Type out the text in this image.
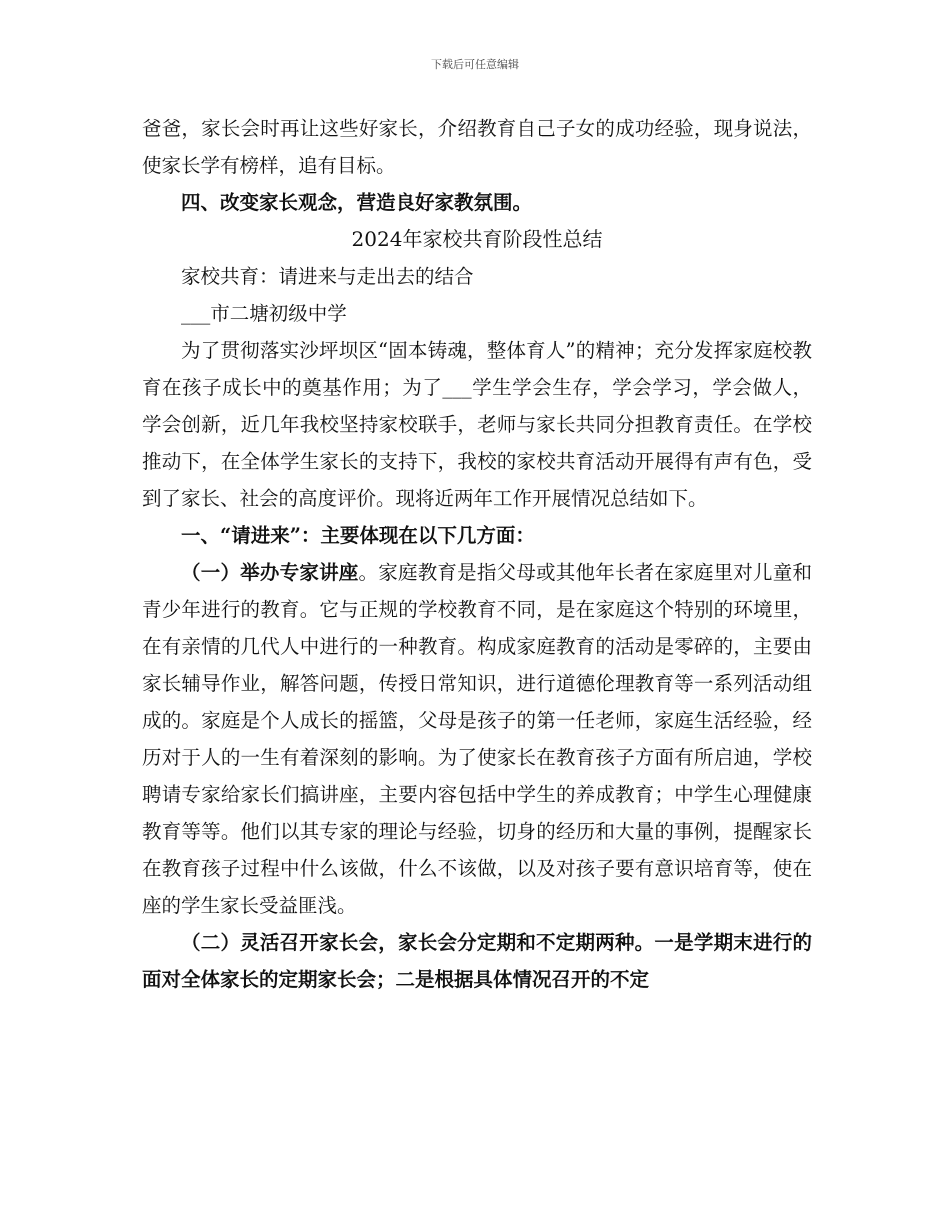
下载后可任意编辑

爸爸，家长会时再让这些好家长，介绍教育自己子女的成功经验，现身说法，使家长学有榜样，追有目标。

四、改变家长观念，营造良好家教氛围。

2024年家校共育阶段性总结

家校共育：请进来与走出去的结合

___市二塘初级中学

为了贯彻落实沙坪坝区“固本铸魂，整体育人”的精神；充分发挥家庭校教育在孩子成长中的奠基作用；为了___学生学会生存，学会学习，学会做人，学会创新，近几年我校坚持家校联手，老师与家长共同分担教育责任。在学校推动下，在全体学生家长的支持下，我校的家校共育活动开展得有声有色，受到了家长、社会的高度评价。现将近两年工作开展情况总结如下。

一、“请进来”：主要体现在以下几方面：

（一）举办专家讲座。家庭教育是指父母或其他年长者在家庭里对儿童和青少年进行的教育。它与正规的学校教育不同，是在家庭这个特别的环境里，在有亲情的几代人中进行的一种教育。构成家庭教育的活动是零碎的，主要由家长辅导作业，解答问题，传授日常知识，进行道德伦理教育等一系列活动组成的。家庭是个人成长的摇篮，父母是孩子的第一任老师，家庭生活经验，经历对于人的一生有着深刻的影响。为了使家长在教育孩子方面有所启迪，学校聘请专家给家长们搞讲座，主要内容包括中学生的养成教育；中学生心理健康教育等等。他们以其专家的理论与经验，切身的经历和大量的事例，提醒家长在教育孩子过程中什么该做，什么不该做，以及对孩子要有意识培育等，使在座的学生家长受益匪浅。

（二）灵活召开家长会，家长会分定期和不定期两种。一是学期末进行的面对全体家长的定期家长会；二是根据具体情况召开的不定
